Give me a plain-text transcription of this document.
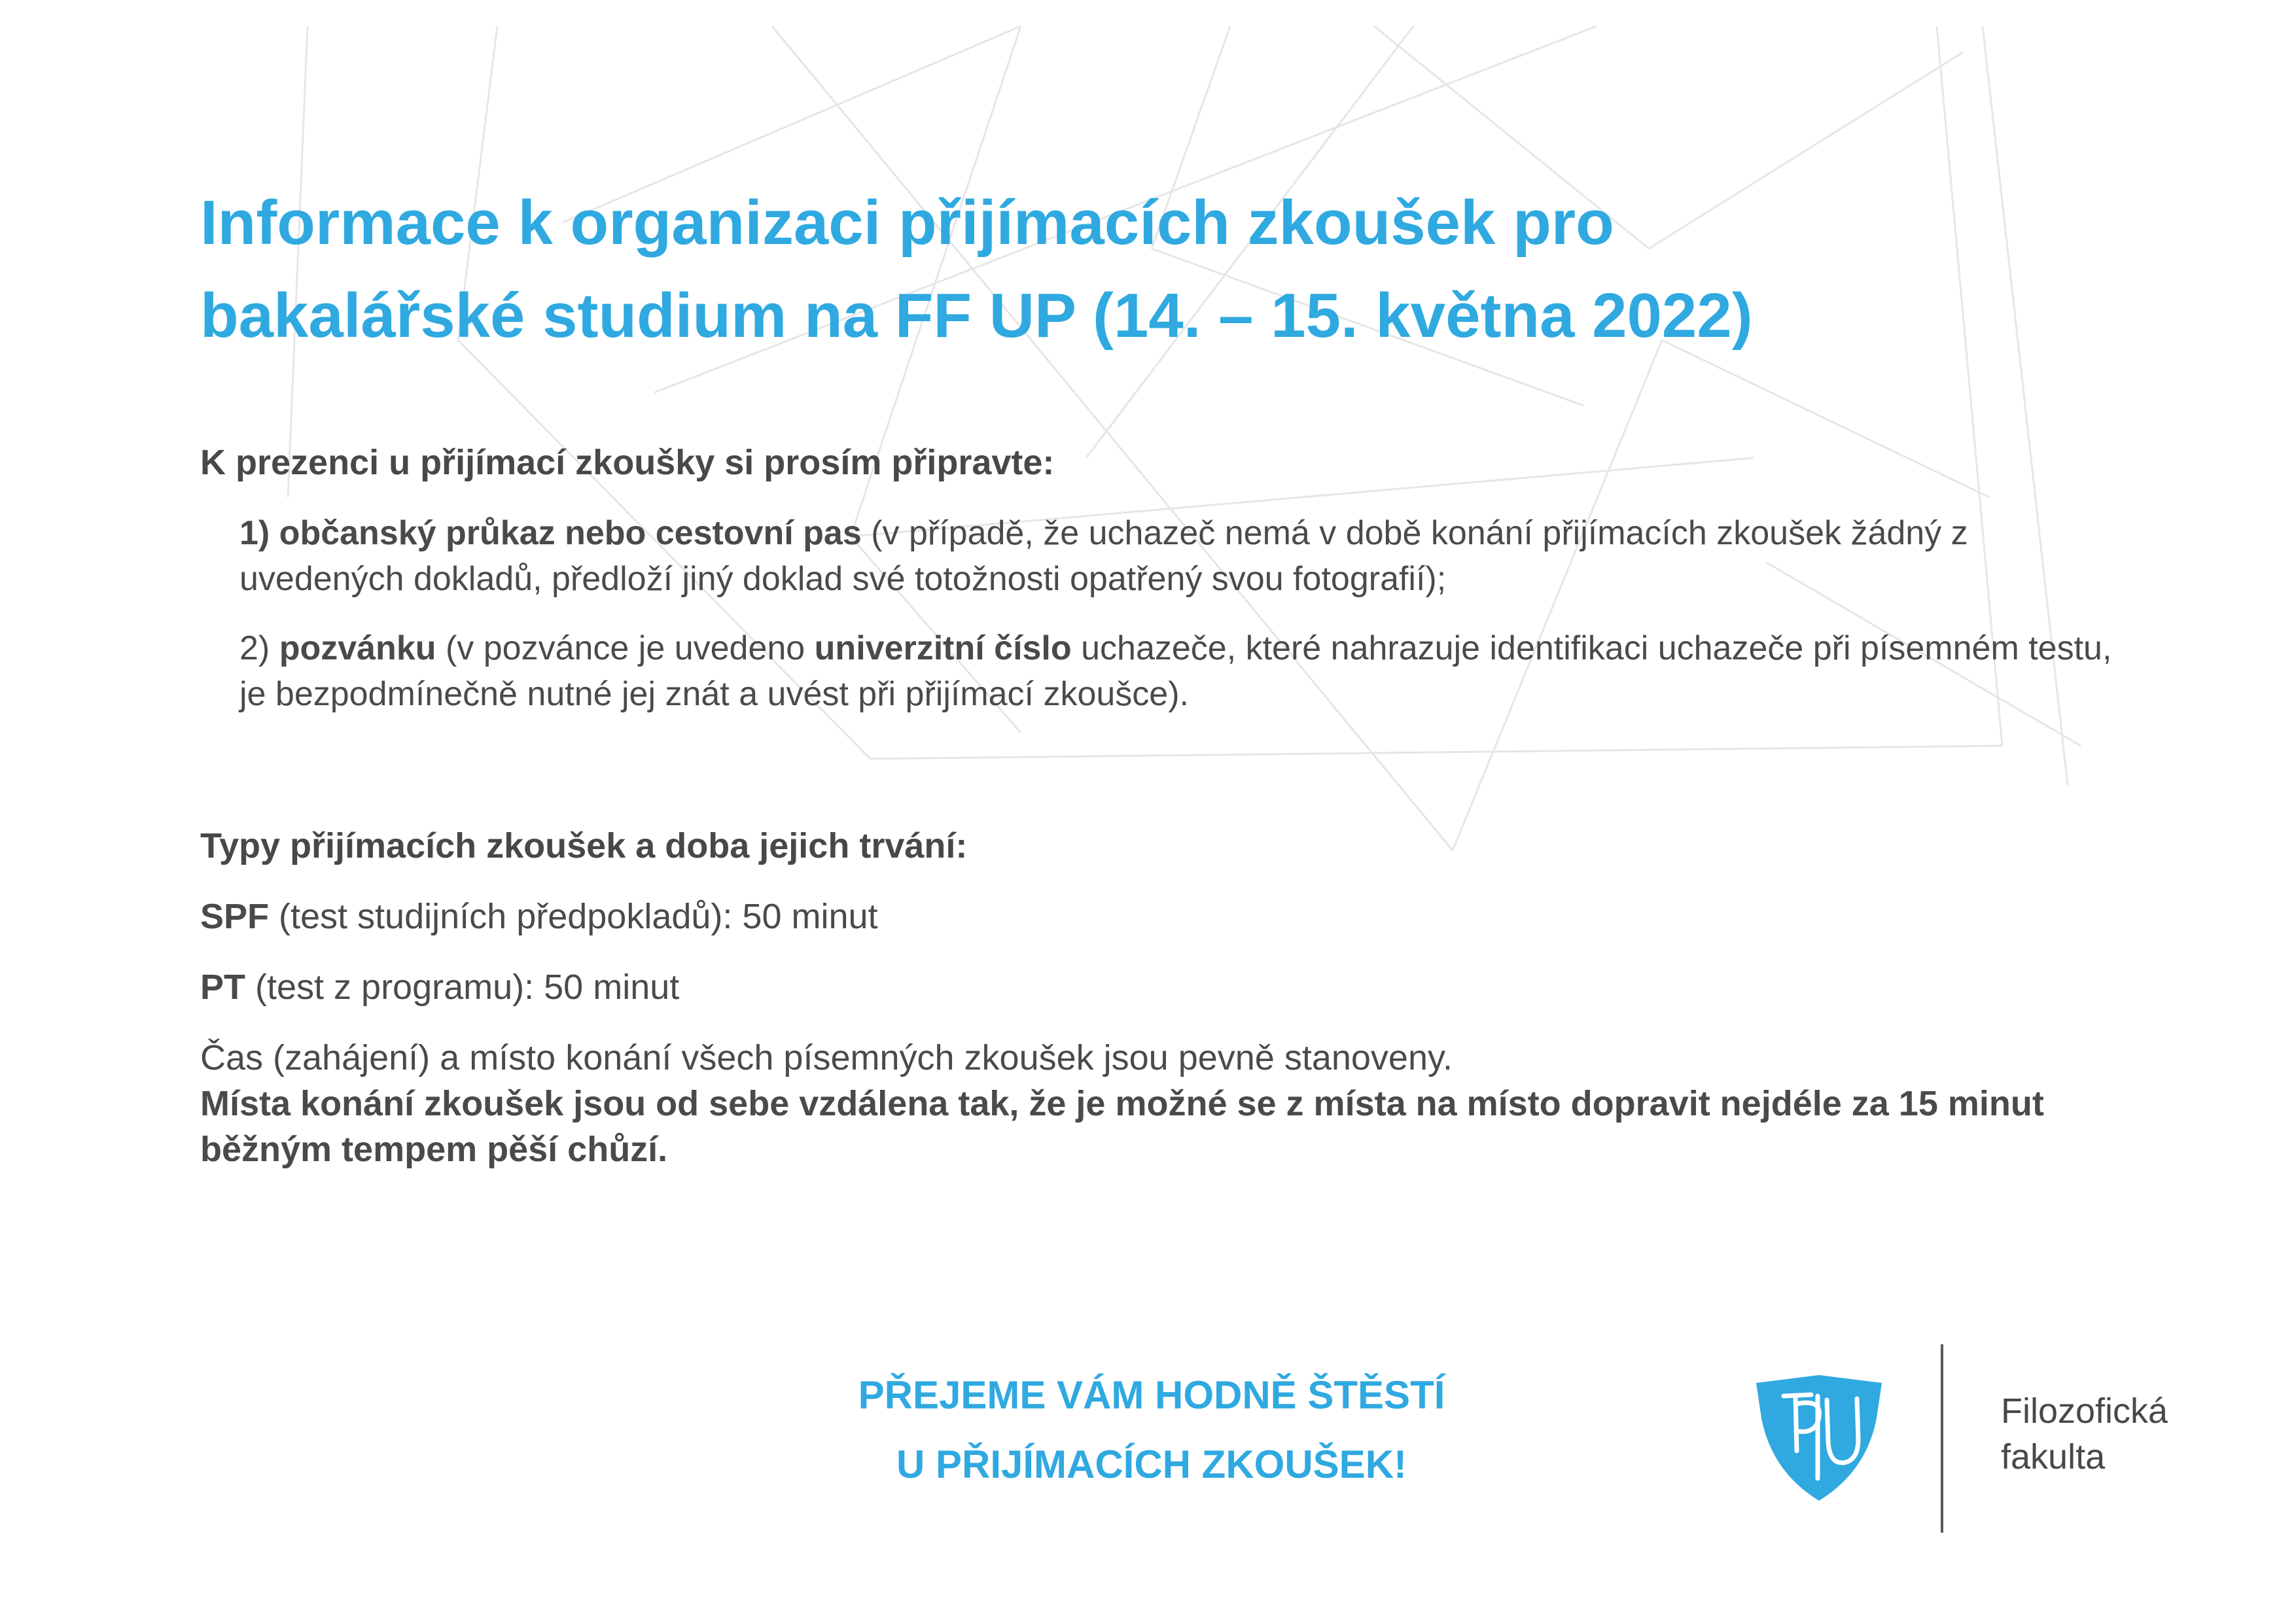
Informace k organizaci přijímacích zkoušek pro
bakalářské studium na FF UP (14. – 15. května 2022)

K prezenci u přijímací zkoušky si prosím připravte:

1) občanský průkaz nebo cestovní pas (v případě, že uchazeč nemá v době konání přijímacích zkoušek žádný z uvedených dokladů, předloží jiný doklad své totožnosti opatřený svou fotografií);

2) pozvánku (v pozvánce je uvedeno univerzitní číslo uchazeče, které nahrazuje identifikaci uchazeče při písemném testu, je bezpodmínečně nutné jej znát a uvést při přijímací zkoušce).

Typy přijímacích zkoušek a doba jejich trvání:

SPF (test studijních předpokladů): 50 minut

PT (test z programu): 50 minut

Čas (zahájení) a místo konání všech písemných zkoušek jsou pevně stanoveny.

Místa konání zkoušek jsou od sebe vzdálena tak, že je možné se z místa na místo dopravit nejdéle za 15 minut běžným tempem pěší chůzí.

PŘEJEME VÁM HODNĚ ŠTĚSTÍ
U PŘIJÍMACÍCH ZKOUŠEK!
Filozofická
fakulta
